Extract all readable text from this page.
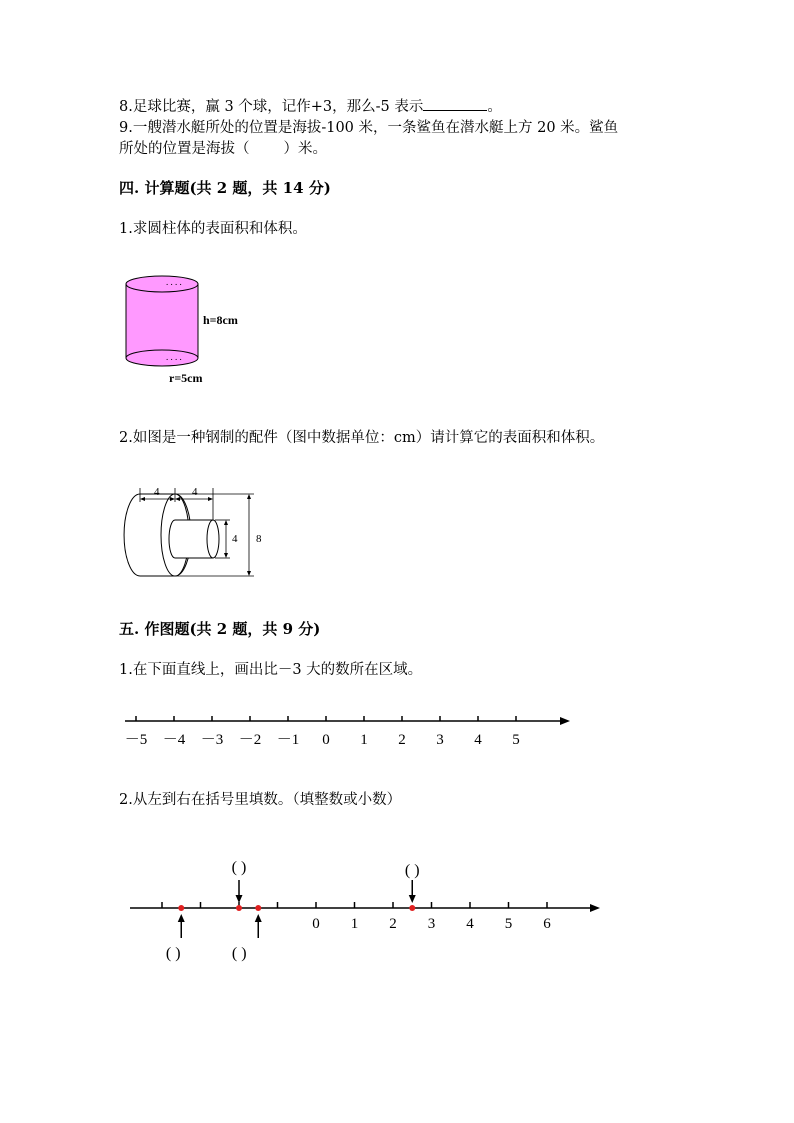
8.足球比赛，赢 3 个球，记作+3，那么-5 表示	。
9.一艘潜水艇所处的位置是海拔-100 米，一条鲨鱼在潜水艇上方 20 米。鲨鱼
所处的位置是海拔（ ）米。
四. 计算题(共 2 题，共 14 分)
1.求圆柱体的表面积和体积。
. . . .
. . . .
h=8cm
r=5cm
2.如图是一种钢制的配件（图中数据单位：cm）请计算它的表面积和体积。
4	4
4 8
五. 作图题(共 2 题，共 9 分)
1.在下面直线上，画出比－3 大的数所在区域。
－5 －4 －3 －2 －1 0 1 2 3 4 5
2.从左到右在括号里填数。（填整数或小数）
0 1 2 3 4 5 6
( )	( )
( )	( )
